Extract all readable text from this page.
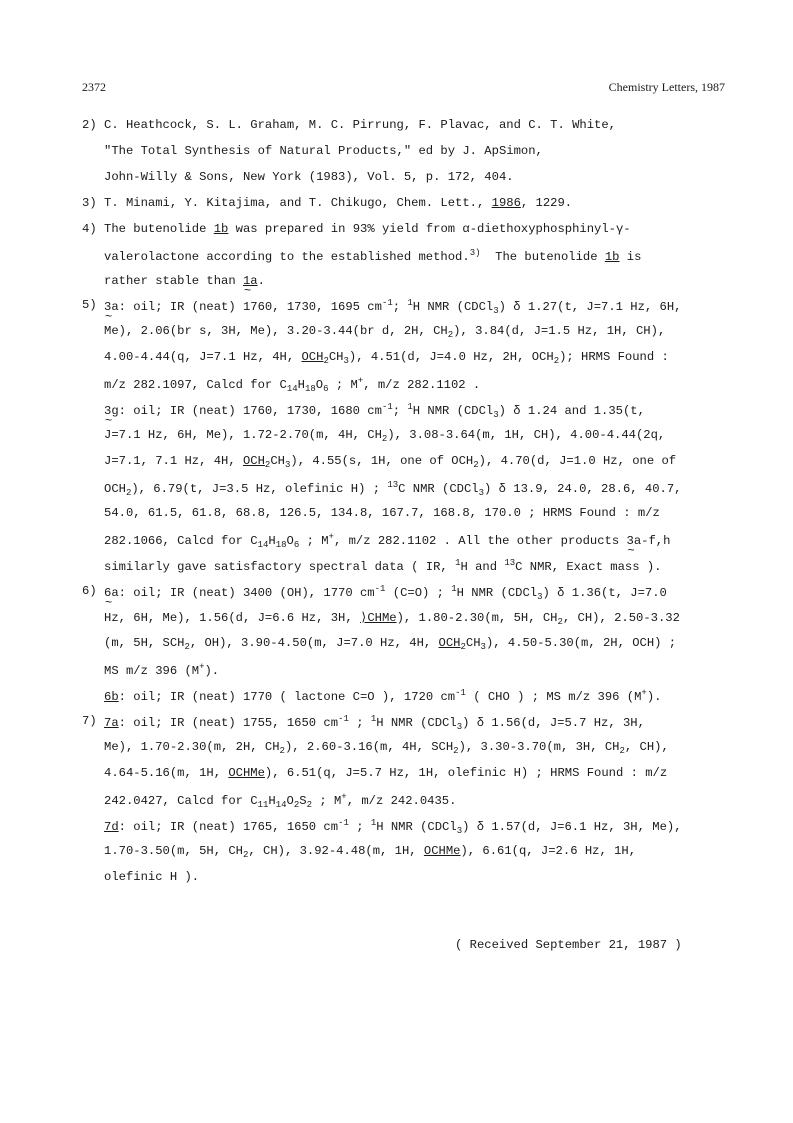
2372	Chemistry Letters, 1987

2)

C. Heathcock, S. L. Graham, M. C. Pirrung, F. Plavac, and C. T. White,

"The Total Synthesis of Natural Products," ed by J. ApSimon,

John-Willy & Sons, New York (1983), Vol. 5, p. 172, 404.

3)

T. Minami, Y. Kitajima, and T. Chikugo, Chem. Lett., 1986, 1229.

4)

The butenolide 1b was prepared in 93% yield from α-diethoxyphosphinyl-γ-

valerolactone according to the established method.$^{3)}$  The butenolide 1b is

rather stable than 1a ~.

5)

3a ~: oil; IR (neat) 1760, 1730, 1695 $cm^{-1}$; $^1$H NMR (CDCl$_3$) δ 1.27(t, J=7.1 Hz, 6H,

Me), 2.06(br s, 3H, Me), 3.20-3.44(br d, 2H, $CH_2$), 3.84(d, J=1.5 Hz, 1H, CH),

4.00-4.44(q, J=7.1 Hz, 4H, $OCH_2CH_3$), 4.51(d, J=4.0 Hz, 2H, $OCH_2$); HRMS Found :

m/z 282.1097, Calcd for $C_{14}H_{18}O_6$ ; M+, m/z 282.1102 .

3g ~: oil; IR (neat) 1760, 1730, 1680 $cm^{-1}$; $^1$H NMR (CDCl$_3$) δ 1.24 and 1.35(t,

J=7.1 Hz, 6H, Me), 1.72-2.70(m, 4H, $CH_2$), 3.08-3.64(m, 1H, CH), 4.00-4.44(2q,

J=7.1, 7.1 Hz, 4H, $OCH_2CH_3$), 4.55(s, 1H, one of $OCH_2$), 4.70(d, J=1.0 Hz, one of

$OCH_2$), 6.79(t, J=3.5 Hz, olefinic H) ; $^{13}$C NMR (CDCl$_3$) δ 13.9, 24.0, 28.6, 40.7,

54.0, 61.5, 61.8, 68.8, 126.5, 134.8, 167.7, 168.8, 170.0 ; HRMS Found : m/z

282.1066, Calcd for $C_{14}H_{18}O_6$ ; M+, m/z 282.1102 . All the other products 3a-f,h ~

similarly gave satisfactory spectral data ( IR, $^1$H and $^{13}$C NMR, Exact mass ).

6)

6a ~: oil; IR (neat) 3400 (OH), 1770 $cm^{-1}$ (C=O) ; $^1$H NMR (CDCl$_3$) δ 1.36(t, J=7.0

Hz, 6H, Me), 1.56(d, J=6.6 Hz, 3H, ⟩CHMe), 1.80-2.30(m, 5H, $CH_2$, CH), 2.50-3.32

(m, 5H, $SCH_2$, OH), 3.90-4.50(m, J=7.0 Hz, 4H, $OCH_2CH_3$), 4.50-5.30(m, 2H, OCH) ;

MS m/z 396 (M+).

6b: oil; IR (neat) 1770 ( lactone C=O ), 1720 $cm^{-1}$ ( CHO ) ; MS m/z 396 (M+).

7)

7a: oil; IR (neat) 1755, 1650 $cm^{-1}$ ; $^1$H NMR (CDCl$_3$) δ 1.56(d, J=5.7 Hz, 3H,

Me), 1.70-2.30(m, 2H, $CH_2$), 2.60-3.16(m, 4H, $SCH_2$), 3.30-3.70(m, 3H, $CH_2$, CH),

4.64-5.16(m, 1H, OCHMe), 6.51(q, J=5.7 Hz, 1H, olefinic H) ; HRMS Found : m/z

242.0427, Calcd for $C_{11}H_{14}O_2S_2$ ; M+, m/z 242.0435.

7d: oil; IR (neat) 1765, 1650 $cm^{-1}$ ; $^1$H NMR (CDCl$_3$) δ 1.57(d, J=6.1 Hz, 3H, Me),

1.70-3.50(m, 5H, $CH_2$, CH), 3.92-4.48(m, 1H, OCHMe), 6.61(q, J=2.6 Hz, 1H,

olefinic H ).

( Received September 21, 1987 )
